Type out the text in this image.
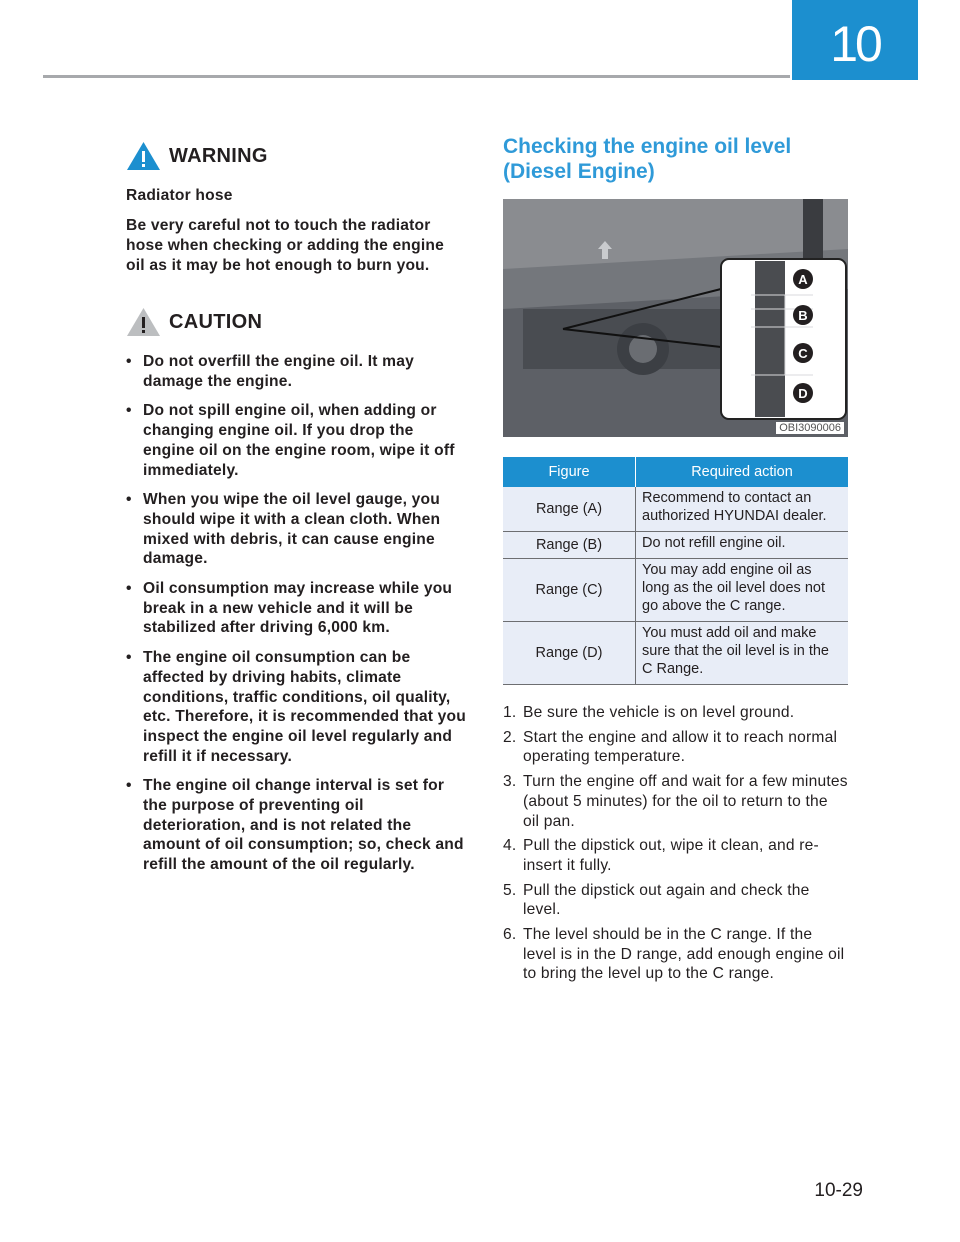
10
WARNING

Radiator hose

Be very careful not to touch the radiator hose when checking or adding the engine oil as it may be hot enough to burn you.

CAUTION
• Do not overfill the engine oil. It may damage the engine.
• Do not spill engine oil, when adding or changing engine oil. If you drop the engine oil on the engine room, wipe it off immediately.
• When you wipe the oil level gauge, you should wipe it with a clean cloth. When mixed with debris, it can cause engine damage.
• Oil consumption may increase while you break in a new vehicle and it will be stabilized after driving 6,000 km.
• The engine oil consumption can be affected by driving habits, climate conditions, traffic conditions, oil quality, etc. Therefore, it is recommended that you inspect the engine oil level regularly and refill it if necessary.
• The engine oil change interval is set for the purpose of preventing oil deterioration, and is not related the amount of oil consumption; so, check and refill the amount of the oil regularly.
Checking the engine oil level
(Diesel Engine)
A
B
C
D
OBI3090006
Figure	Required action
Range (A)	Recommend to contact an authorized HYUNDAI dealer.
Range (B)	Do not refill engine oil.
Range (C)	You may add engine oil as long as the oil level does not go above the C range.
Range (D)	You must add oil and make sure that the oil level is in the C Range.
1. Be sure the vehicle is on level ground.
2. Start the engine and allow it to reach normal operating temperature.
3. Turn the engine off and wait for a few minutes (about 5 minutes) for the oil to return to the oil pan.
4. Pull the dipstick out, wipe it clean, and re-insert it fully.
5. Pull the dipstick out again and check the level.
6. The level should be in the C range. If the level is in the D range, add enough engine oil to bring the level up to the C range.
10-29
